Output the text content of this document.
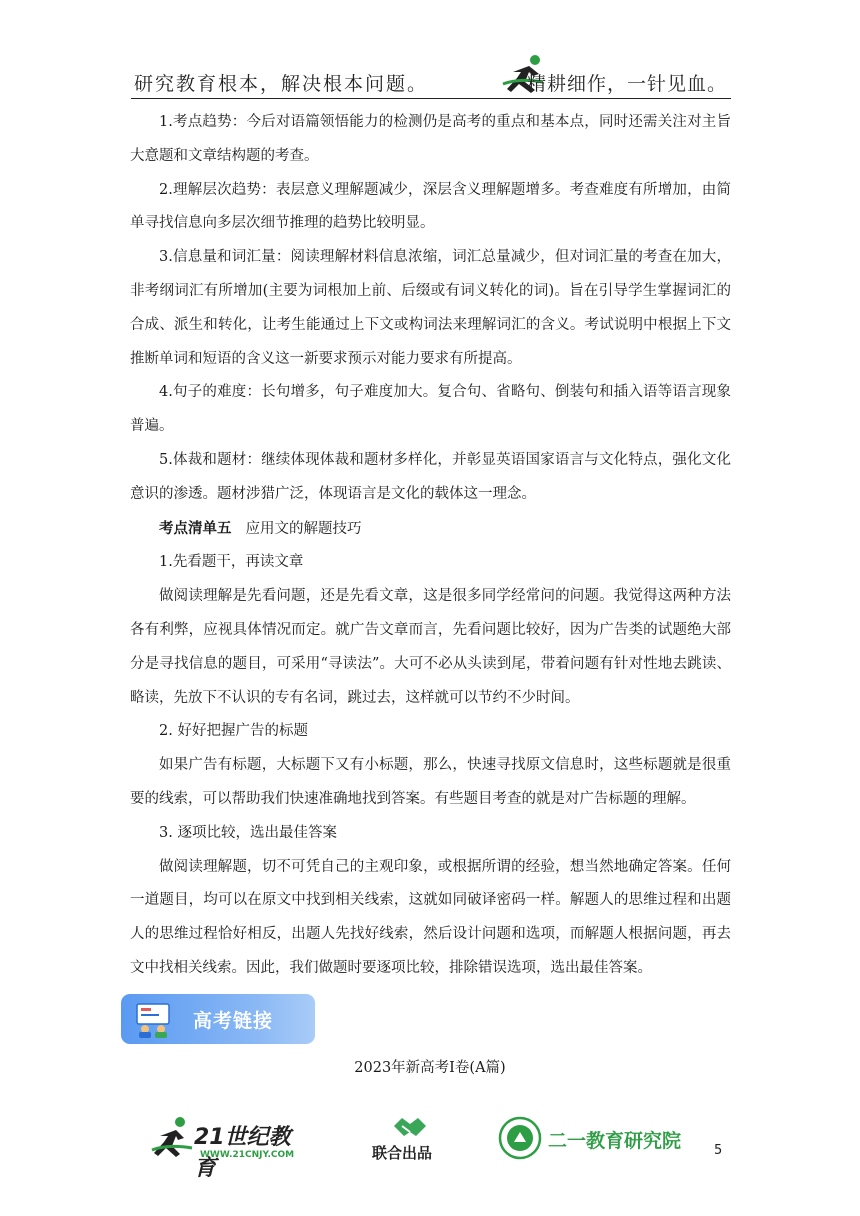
研究教育根本，解决根本问题。	精耕细作，一针见血。

1.考点趋势：今后对语篇领悟能力的检测仍是高考的重点和基本点，同时还需关注对主旨大意题和文章结构题的考查。

2.理解层次趋势：表层意义理解题减少，深层含义理解题增多。考查难度有所增加，由简单寻找信息向多层次细节推理的趋势比较明显。

3.信息量和词汇量：阅读理解材料信息浓缩，词汇总量减少，但对词汇量的考查在加大，非考纲词汇有所增加(主要为词根加上前、后缀或有词义转化的词)。旨在引导学生掌握词汇的合成、派生和转化，让考生能通过上下文或构词法来理解词汇的含义。考试说明中根据上下文推断单词和短语的含义这一新要求预示对能力要求有所提高。

4.句子的难度：长句增多，句子难度加大。复合句、省略句、倒装句和插入语等语言现象普遍。

5.体裁和题材：继续体现体裁和题材多样化，并彰显英语国家语言与文化特点，强化文化意识的渗透。题材涉猎广泛，体现语言是文化的载体这一理念。

考点清单五 应用文的解题技巧

1.先看题干，再读文章

做阅读理解是先看问题，还是先看文章，这是很多同学经常问的问题。我觉得这两种方法各有利弊，应视具体情况而定。就广告文章而言，先看问题比较好，因为广告类的试题绝大部分是寻找信息的题目，可采用“寻读法”。大可不必从头读到尾，带着问题有针对性地去跳读、略读，先放下不认识的专有名词，跳过去，这样就可以节约不少时间。

2. 好好把握广告的标题

如果广告有标题，大标题下又有小标题，那么，快速寻找原文信息时，这些标题就是很重要的线索，可以帮助我们快速准确地找到答案。有些题目考查的就是对广告标题的理解。

3. 逐项比较，选出最佳答案

做阅读理解题，切不可凭自己的主观印象，或根据所谓的经验，想当然地确定答案。任何一道题目，均可以在原文中找到相关线索，这就如同破译密码一样。解题人的思维过程和出题人的思维过程恰好相反，出题人先找好线索，然后设计问题和选项，而解题人根据问题，再去文中找相关线索。因此，我们做题时要逐项比较，排除错误选项，选出最佳答案。

高考链接
2023年新高考I卷(A篇)
21世纪教育
WWW.21CNJY.COM	联合出品
二一教育研究院	5
